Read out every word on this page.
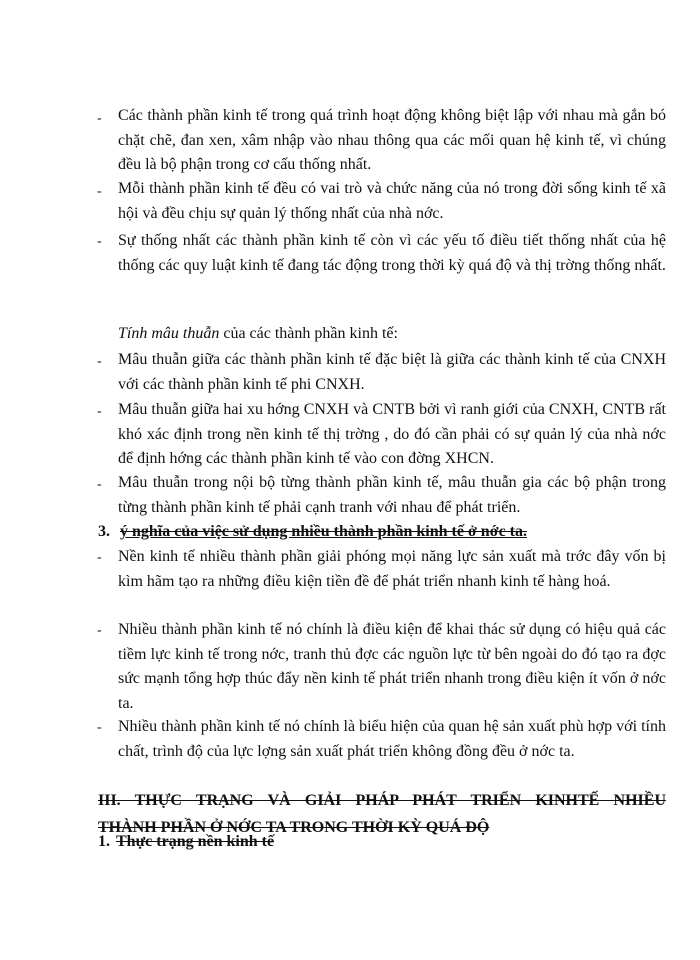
-	Các thành phần kinh tế trong quá trình hoạt động không biệt lập với nhau mà gắn bó chặt chẽ, đan xen, xâm nhập vào nhau thông qua các mối quan hệ kinh tế, vì chúng đều là bộ phận trong cơ cấu thống nhất.
-	Mỗi thành phần kinh tế đều có vai trò và chức năng của nó trong đời sống kinh tế xã hội và đều chịu sự quản lý thống nhất của nhà nớc.
-	Sự thống nhất các thành phần kinh tế còn vì các yếu tố điều tiết thống nhất của hệ thống các quy luật kinh tế đang tác động trong thời kỳ quá độ và thị trờng thống nhất.
Tính mâu thuẫn của các thành phần kinh tế:
-	Mâu thuẫn giữa các thành phần kinh tế đặc biệt là giữa các thành kinh tế của CNXH với các thành phần kinh tế phi CNXH.
-	Mâu thuẫn giữa hai xu hớng CNXH và CNTB bởi vì ranh giới của CNXH, CNTB rất khó xác định trong nền kinh tế thị trờng , do đó cần phải có sự quản lý của nhà nớc để định hớng các thành phần kinh tế vào con đờng XHCN.
-	Mâu thuẫn trong nội bộ từng thành phần kinh tế, mâu thuẫn gia các bộ phận trong từng thành phần kinh tế phải cạnh tranh với nhau để phát triển.
3. ý nghĩa của việc sử dụng nhiều thành phần kinh tế ở nớc ta.
-	Nền kinh tế nhiều thành phần giải phóng mọi năng lực sản xuất mà trớc đây vốn bị kìm hãm tạo ra những điều kiện tiền đề để phát triển nhanh kinh tế hàng hoá.
-	Nhiều thành phần kinh tế nó chính là điều kiện để khai thác sử dụng có hiệu quả các tiềm lực kinh tế trong nớc, tranh thủ đợc các nguồn lực từ bên ngoài do đó tạo ra đợc sức mạnh tổng hợp thúc đẩy nền kinh tế phát triển nhanh trong điều kiện ít vốn ở nớc ta.
-	Nhiều thành phần kinh tế nó chính là biểu hiện của quan hệ sản xuất phù hợp với tính chất, trình độ của lực lợng sản xuất phát triển không đồng đều ở nớc ta.
III. THỰC TRẠNG VÀ GIẢI PHÁP PHÁT TRIỂN KINHTẾ NHIỀU
THÀNH PHẦN Ở NỚC TA TRONG THỜI KỲ QUÁ ĐỘ
1. Thực trạng nền kinh tế
